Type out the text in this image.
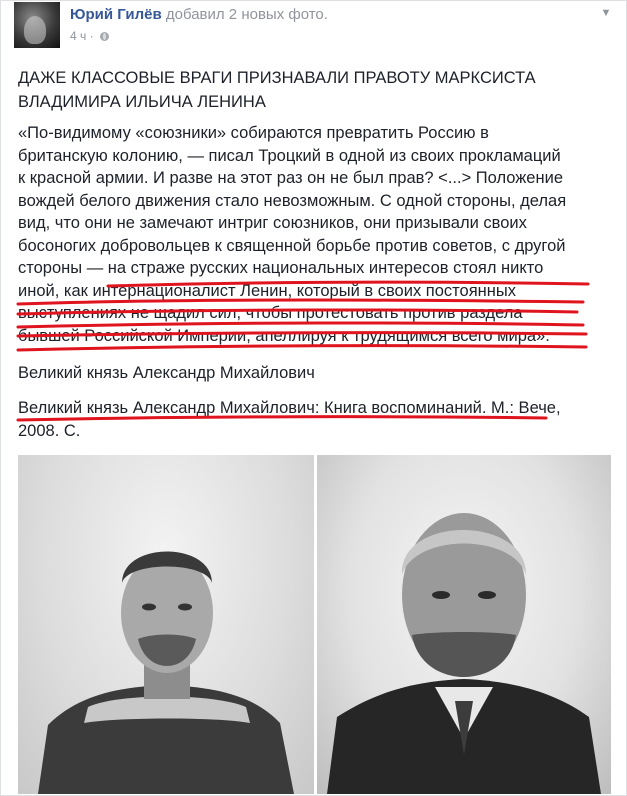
Юрий Гилёв добавил 2 новых фото.
4 ч ·
▼
ДАЖЕ КЛАССОВЫЕ ВРАГИ ПРИЗНАВАЛИ ПРАВОТУ МАРКСИСТА
ВЛАДИМИРА ИЛЬИЧА ЛЕНИНА

«По-видимому «союзники» собираются превратить Россию в
британскую колонию, — писал Троцкий в одной из своих прокламаций
к красной армии. И разве на этот раз он не был прав? <...> Положение
вождей белого движения стало невозможным. С одной стороны, делая
вид, что они не замечают интриг союзников, они призывали своих
босоногих добровольцев к священной борьбе против советов, с другой
стороны — на страже русских национальных интересов стоял никто
иной, как интернационалист Ленин, который в своих постоянных
выступлениях не щадил сил, чтобы протестовать против раздела
бывшей Российской Империи, апеллируя к трудящимся всего мира».

Великий князь Александр Михайлович

Великий князь Александр Михайлович: Книга воспоминаний. М.: Вече,
2008. С.
